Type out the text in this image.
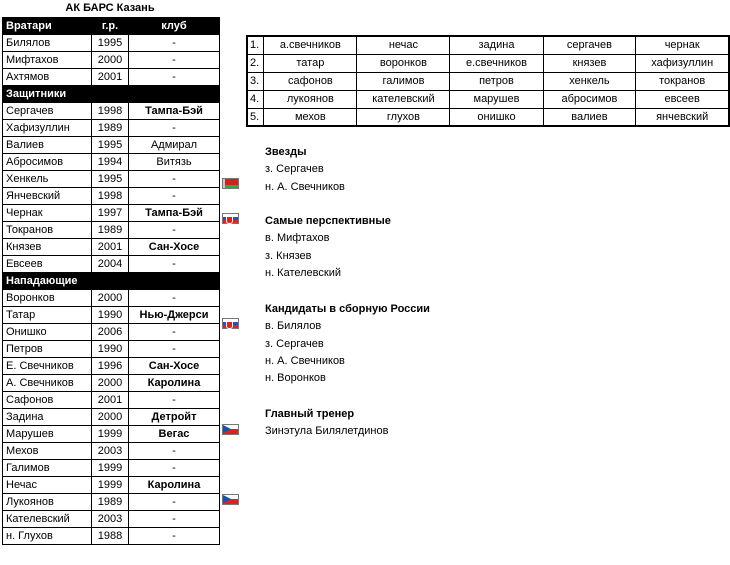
АК БАРС Казань
Вратари	г.р.	клуб
Билялов	1995	-
Мифтахов	2000	-
Ахтямов	2001	-
Защитники		
Сергачев	1998	Тампа-Бэй
Хафизуллин	1989	-
Валиев	1995	Адмирал
Абросимов	1994	Витязь
Хенкель	1995	-
Янчевский	1998	-
Чернак	1997	Тампа-Бэй
Токранов	1989	-
Князев	2001	Сан-Хосе
Евсеев	2004	-
Нападающие		
Воронков	2000	-
Татар	1990	Нью-Джерси
Онишко	2006	-
Петров	1990	-
Е. Свечников	1996	Сан-Хосе
А. Свечников	2000	Каролина
Сафонов	2001	-
Задина	2000	Детройт
Марушев	1999	Вегас
Мехов	2003	-
Галимов	1999	-
Нечас	1999	Каролина
Лукоянов	1989	-
Кателевский	2003	-
н. Глухов	1988	-
1.	а.свечников	нечас	задина	сергачев	чернак
2.	татар	воронков	е.свечников	князев	хафизуллин
3.	сафонов	галимов	петров	хенкель	токранов
4.	лукоянов	кателевский	марушев	абросимов	евсеев
5.	мехов	глухов	онишко	валиев	янчевский
Звезды
з. Сергачев
н. А. Свечников
Самые перспективные
в. Мифтахов
з. Князев
н. Кателевский
Кандидаты в сборную России
в. Билялов
з. Сергачев
н. А. Свечников
н. Воронков
Главный тренер
Зинэтула Билялетдинов
